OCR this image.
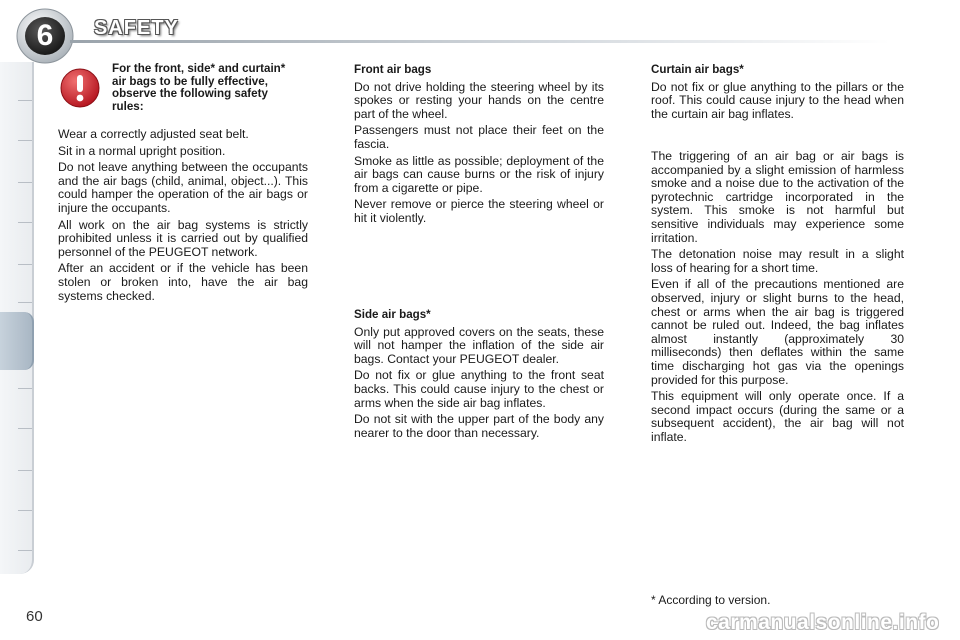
6	SAFETY
For the front, side* and curtain* air bags to be fully effective, observe the following safety rules:

Wear a correctly adjusted seat belt.

Sit in a normal upright position.

Do not leave anything between the occupants and the air bags (child, animal, object...). This could hamper the operation of the air bags or injure the occupants.

All work on the air bag systems is strictly prohibited unless it is carried out by qualified personnel of the PEUGEOT network.

After an accident or if the vehicle has been stolen or broken into, have the air bag systems checked.

Front air bags

Do not drive holding the steering wheel by its spokes or resting your hands on the centre part of the wheel.

Passengers must not place their feet on the fascia.

Smoke as little as possible; deployment of the air bags can cause burns or the risk of injury from a cigarette or pipe.

Never remove or pierce the steering wheel or hit it violently.

Side air bags*

Only put approved covers on the seats, these will not hamper the inflation of the side air bags. Contact your PEUGEOT dealer.

Do not fix or glue anything to the front seat backs. This could cause injury to the chest or arms when the side air bag inflates.

Do not sit with the upper part of the body any nearer to the door than necessary.

Curtain air bags*

Do not fix or glue anything to the pillars or the roof. This could cause injury to the head when the curtain air bag inflates.

The triggering of an air bag or air bags is accompanied by a slight emission of harmless smoke and a noise due to the activation of the pyrotechnic cartridge incorporated in the system. This smoke is not harmful but sensitive individuals may experience some irritation.

The detonation noise may result in a slight loss of hearing for a short time.

Even if all of the precautions mentioned are observed, injury or slight burns to the head, chest or arms when the air bag is triggered cannot be ruled out. Indeed, the bag inflates almost instantly (approximately 30 milliseconds) then deflates within the same time discharging hot gas via the openings provided for this purpose.

This equipment will only operate once. If a second impact occurs (during the same or a subsequent accident), the air bag will not inflate.

* According to version.
60	carmanualsonline.info
